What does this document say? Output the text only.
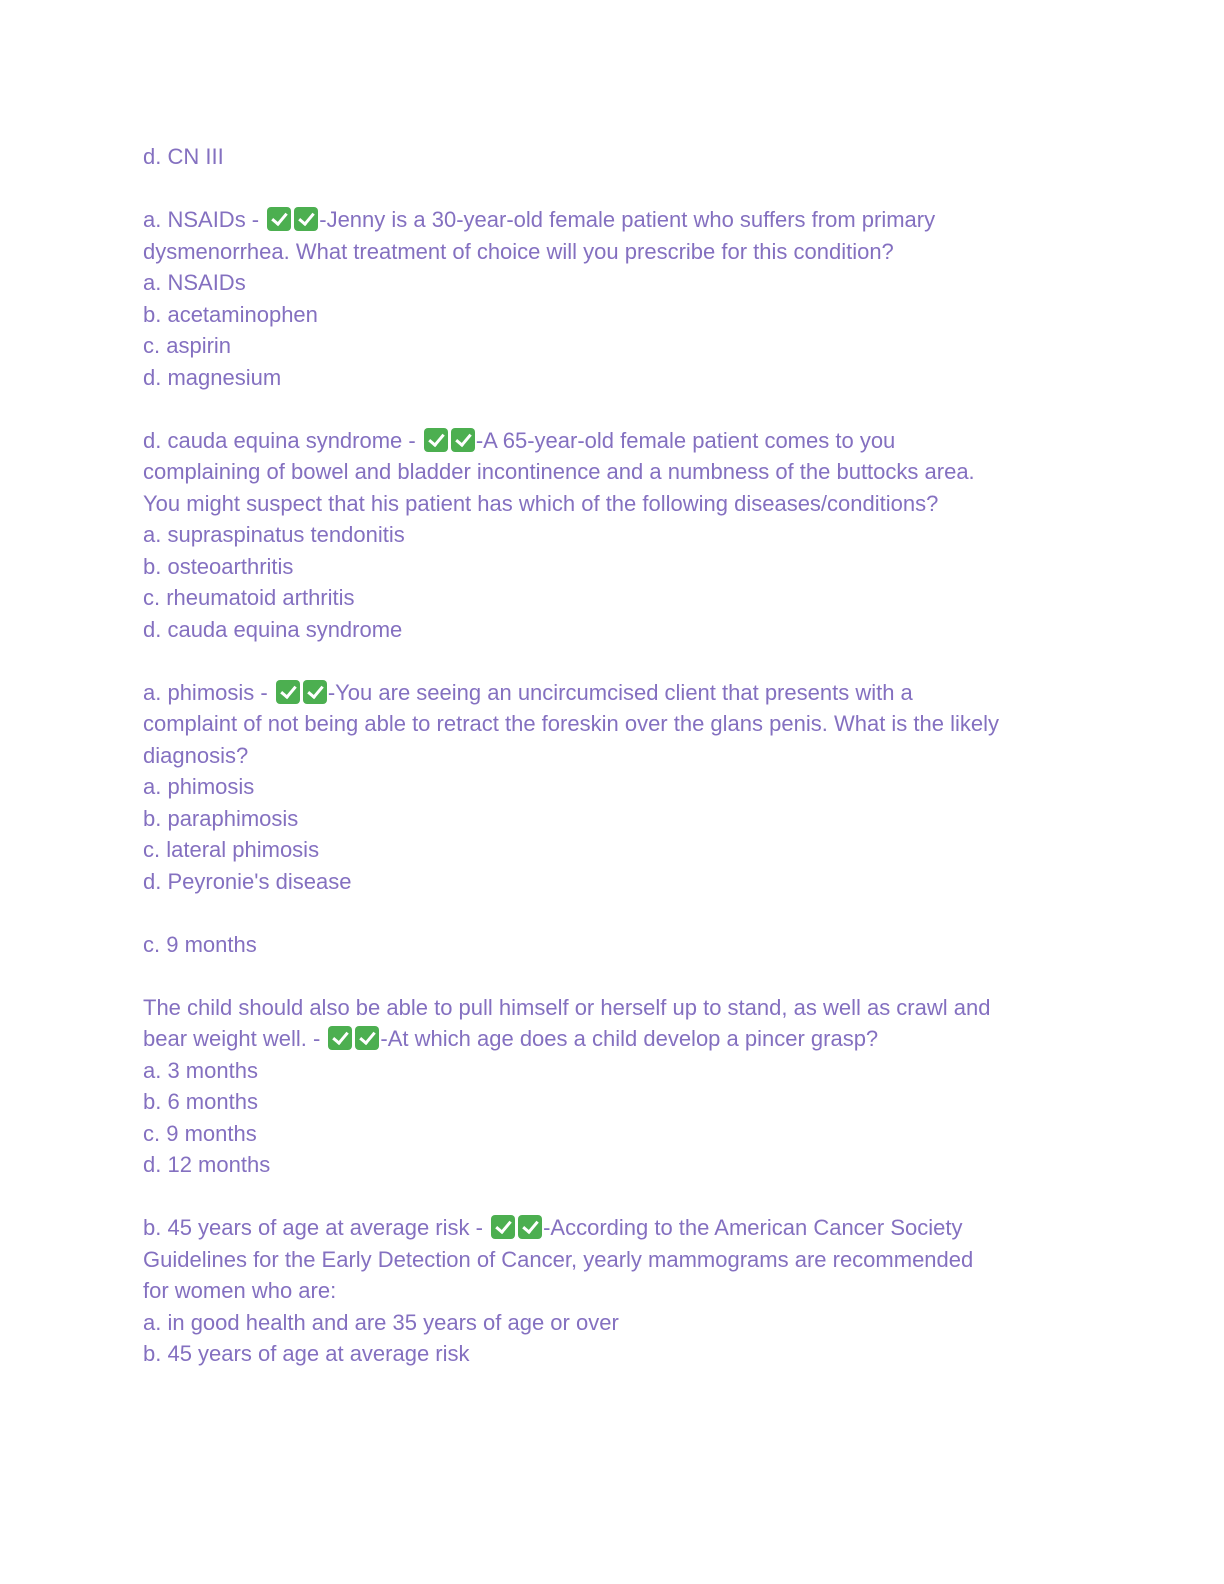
d. CN III
a. NSAIDs - -Jenny is a 30-year-old female patient who suffers from primary
dysmenorrhea. What treatment of choice will you prescribe for this condition?
a. NSAIDs
b. acetaminophen
c. aspirin
d. magnesium
d. cauda equina syndrome - -A 65-year-old female patient comes to you
complaining of bowel and bladder incontinence and a numbness of the buttocks area.
You might suspect that his patient has which of the following diseases/conditions?
a. supraspinatus tendonitis
b. osteoarthritis
c. rheumatoid arthritis
d. cauda equina syndrome
a. phimosis - -You are seeing an uncircumcised client that presents with a
complaint of not being able to retract the foreskin over the glans penis. What is the likely
diagnosis?
a. phimosis
b. paraphimosis
c. lateral phimosis
d. Peyronie's disease
c. 9 months
The child should also be able to pull himself or herself up to stand, as well as crawl and
bear weight well. - -At which age does a child develop a pincer grasp?
a. 3 months
b. 6 months
c. 9 months
d. 12 months
b. 45 years of age at average risk - -According to the American Cancer Society
Guidelines for the Early Detection of Cancer, yearly mammograms are recommended
for women who are:
a. in good health and are 35 years of age or over
b. 45 years of age at average risk
